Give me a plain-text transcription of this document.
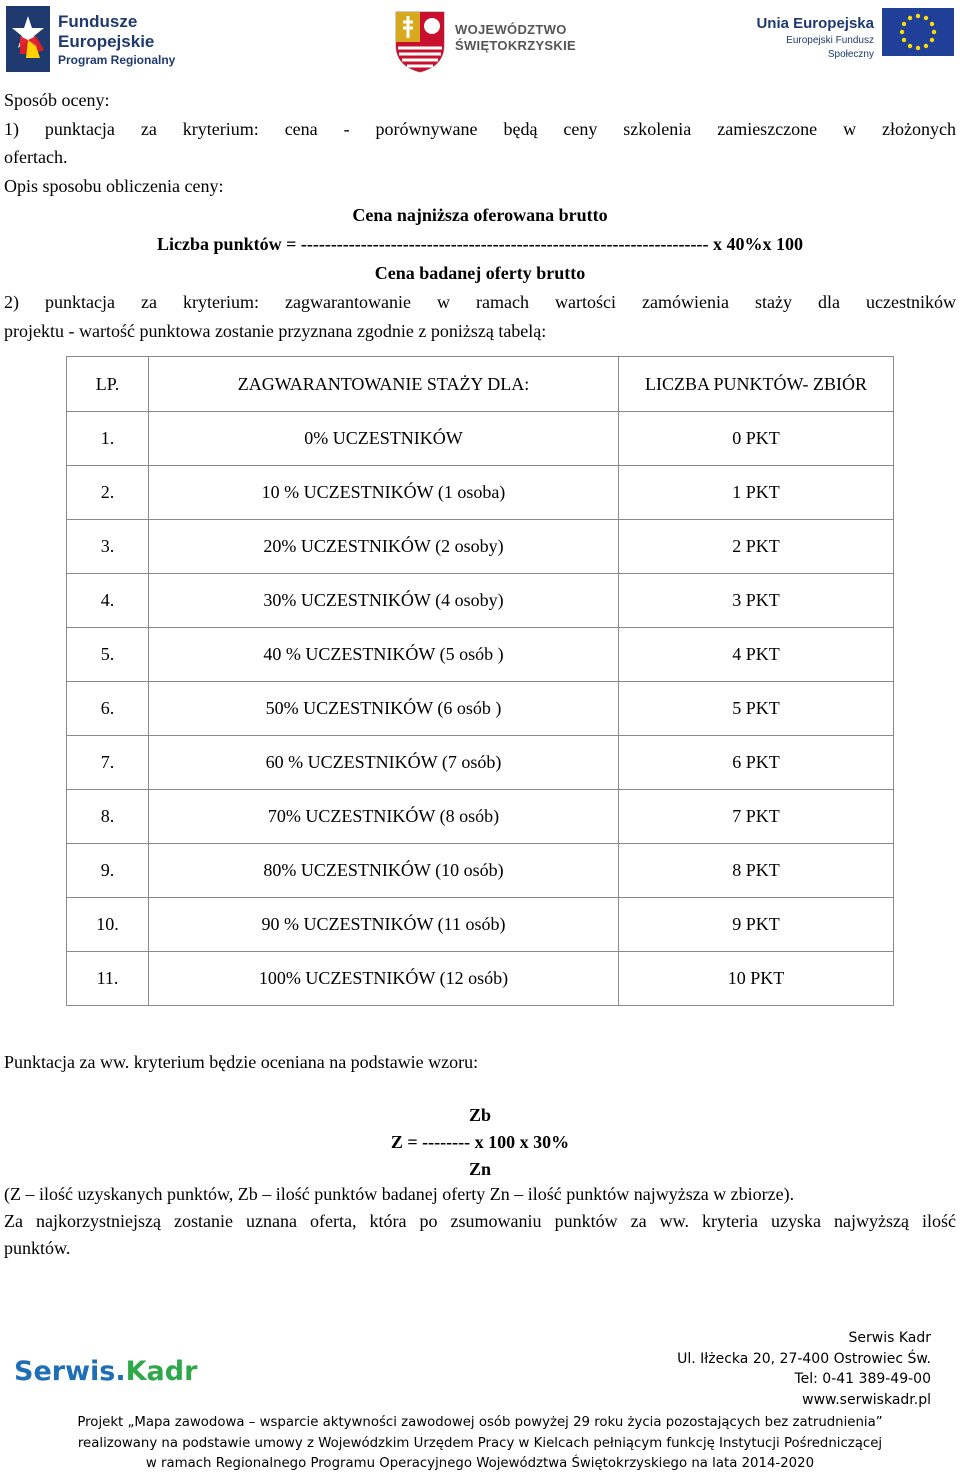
Fundusze
Europejskie
Program Regionalny
WOJEWÓDZTWO
ŚWIĘTOKRZYSKIE
Unia Europejska
Europejski Fundusz Społeczny
Sposób oceny:
1) punktacja za kryterium: cena - porównywane będą ceny szkolenia zamieszczone w złożonych
ofertach.
Opis sposobu obliczenia ceny:
Cena najniższa oferowana brutto
Liczba punktów = -------------------------------------------------------------------- x 40%x 100
Cena badanej oferty brutto
2) punktacja za kryterium: zagwarantowanie w ramach wartości zamówienia staży dla uczestników
projektu - wartość punktowa zostanie przyznana zgodnie z poniższą tabelą:
LP.	ZAGWARANTOWANIE STAŻY DLA:	LICZBA PUNKTÓW- ZBIÓR
1.	0% UCZESTNIKÓW	0 PKT
2.	10 % UCZESTNIKÓW (1 osoba)	1 PKT
3.	20% UCZESTNIKÓW (2 osoby)	2 PKT
4.	30% UCZESTNIKÓW (4 osoby)	3 PKT
5.	40 % UCZESTNIKÓW (5 osób )	4 PKT
6.	50% UCZESTNIKÓW (6 osób )	5 PKT
7.	60 % UCZESTNIKÓW (7 osób)	6 PKT
8.	70% UCZESTNIKÓW (8 osób)	7 PKT
9.	80% UCZESTNIKÓW (10 osób)	8 PKT
10.	90 % UCZESTNIKÓW (11 osób)	9 PKT
11.	100% UCZESTNIKÓW (12 osób)	10 PKT
Punktacja za ww. kryterium będzie oceniana na podstawie wzoru:
Zb
Z = -------- x 100 x 30%
Zn
(Z – ilość uzyskanych punktów, Zb – ilość punktów badanej oferty Zn – ilość punktów najwyższa w zbiorze).
Za najkorzystniejszą zostanie uznana oferta, która po zsumowaniu punktów za ww. kryteria uzyska najwyższą ilość
punktów.
Serwis.Kadr
Serwis Kadr
Ul. Iłżecka 20, 27-400 Ostrowiec Św.
Tel: 0-41 389-49-00
www.serwiskadr.pl
Projekt „Mapa zawodowa – wsparcie aktywności zawodowej osób powyżej 29 roku życia pozostających bez zatrudnienia”
realizowany na podstawie umowy z Wojewódzkim Urzędem Pracy w Kielcach pełniącym funkcję Instytucji Pośredniczącej
w ramach Regionalnego Programu Operacyjnego Województwa Świętokrzyskiego na lata 2014-2020
